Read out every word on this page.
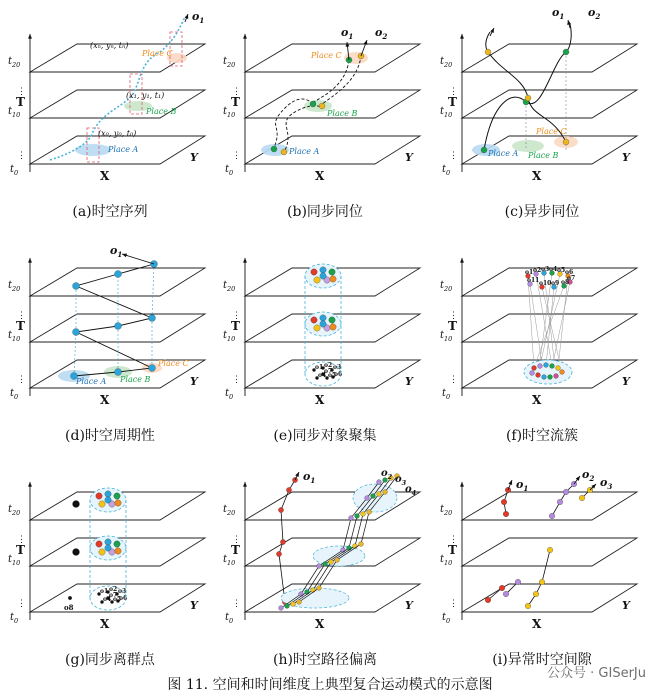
X
Y
T
$t_0$
$t_{10}$
$t_{20}$
⋮
⋮
$o_1$
Place A
Place B
Place C
(x₀, y₀, t₀)
(x₁, y₁, t₁)
(xₙ, yₙ, tₙ)
X
Y
T
$t_0$
$t_{10}$
$t_{20}$
⋮
⋮
$o_1$ $o_2$
Place A
Place B
Place C
X
Y
T
$t_0$
$t_{10}$
$t_{20}$
⋮
⋮
$o_1$ $o_2$
Place A Place B
Place C
X
Y
T
$t_0$
$t_{10}$
$t_{20}$
⋮
⋮
$o_1$
Place A Place B
Place C
X
Y
T
$t_0$
$t_{10}$
$t_{20}$
⋮
⋮
o1 o2 o3
o4 o5
o6
o7
X
Y
T
$t_0$
$t_{10}$
$t_{20}$
⋮
⋮
o1 o2 o3 o4 o5 o6
o7
o8
o9
o10
o11
X
Y
T
$t_0$
$t_{10}$
$t_{20}$
⋮
⋮
o1 o2 o3
o4 o5
o6
o7
o8
X
Y
T
$t_0$
$t_{10}$
$t_{20}$
⋮
⋮
$o_1$
$o_2$ $o_3$
$o_4$
X
Y
T
$t_0$
$t_{10}$
$t_{20}$
⋮
⋮
$o_1$
$o_2$ $o_3$
(a)时空序列	(b)同步同位	(c)异步同位
(d)时空周期性	(e)同步对象聚集	(f)时空流簇
(g)同步离群点	(h)时空路径偏离	(i)异常时空间隙
图 11. 空间和时间维度上典型复合运动模式的示意图
公众号 · GISerJu
